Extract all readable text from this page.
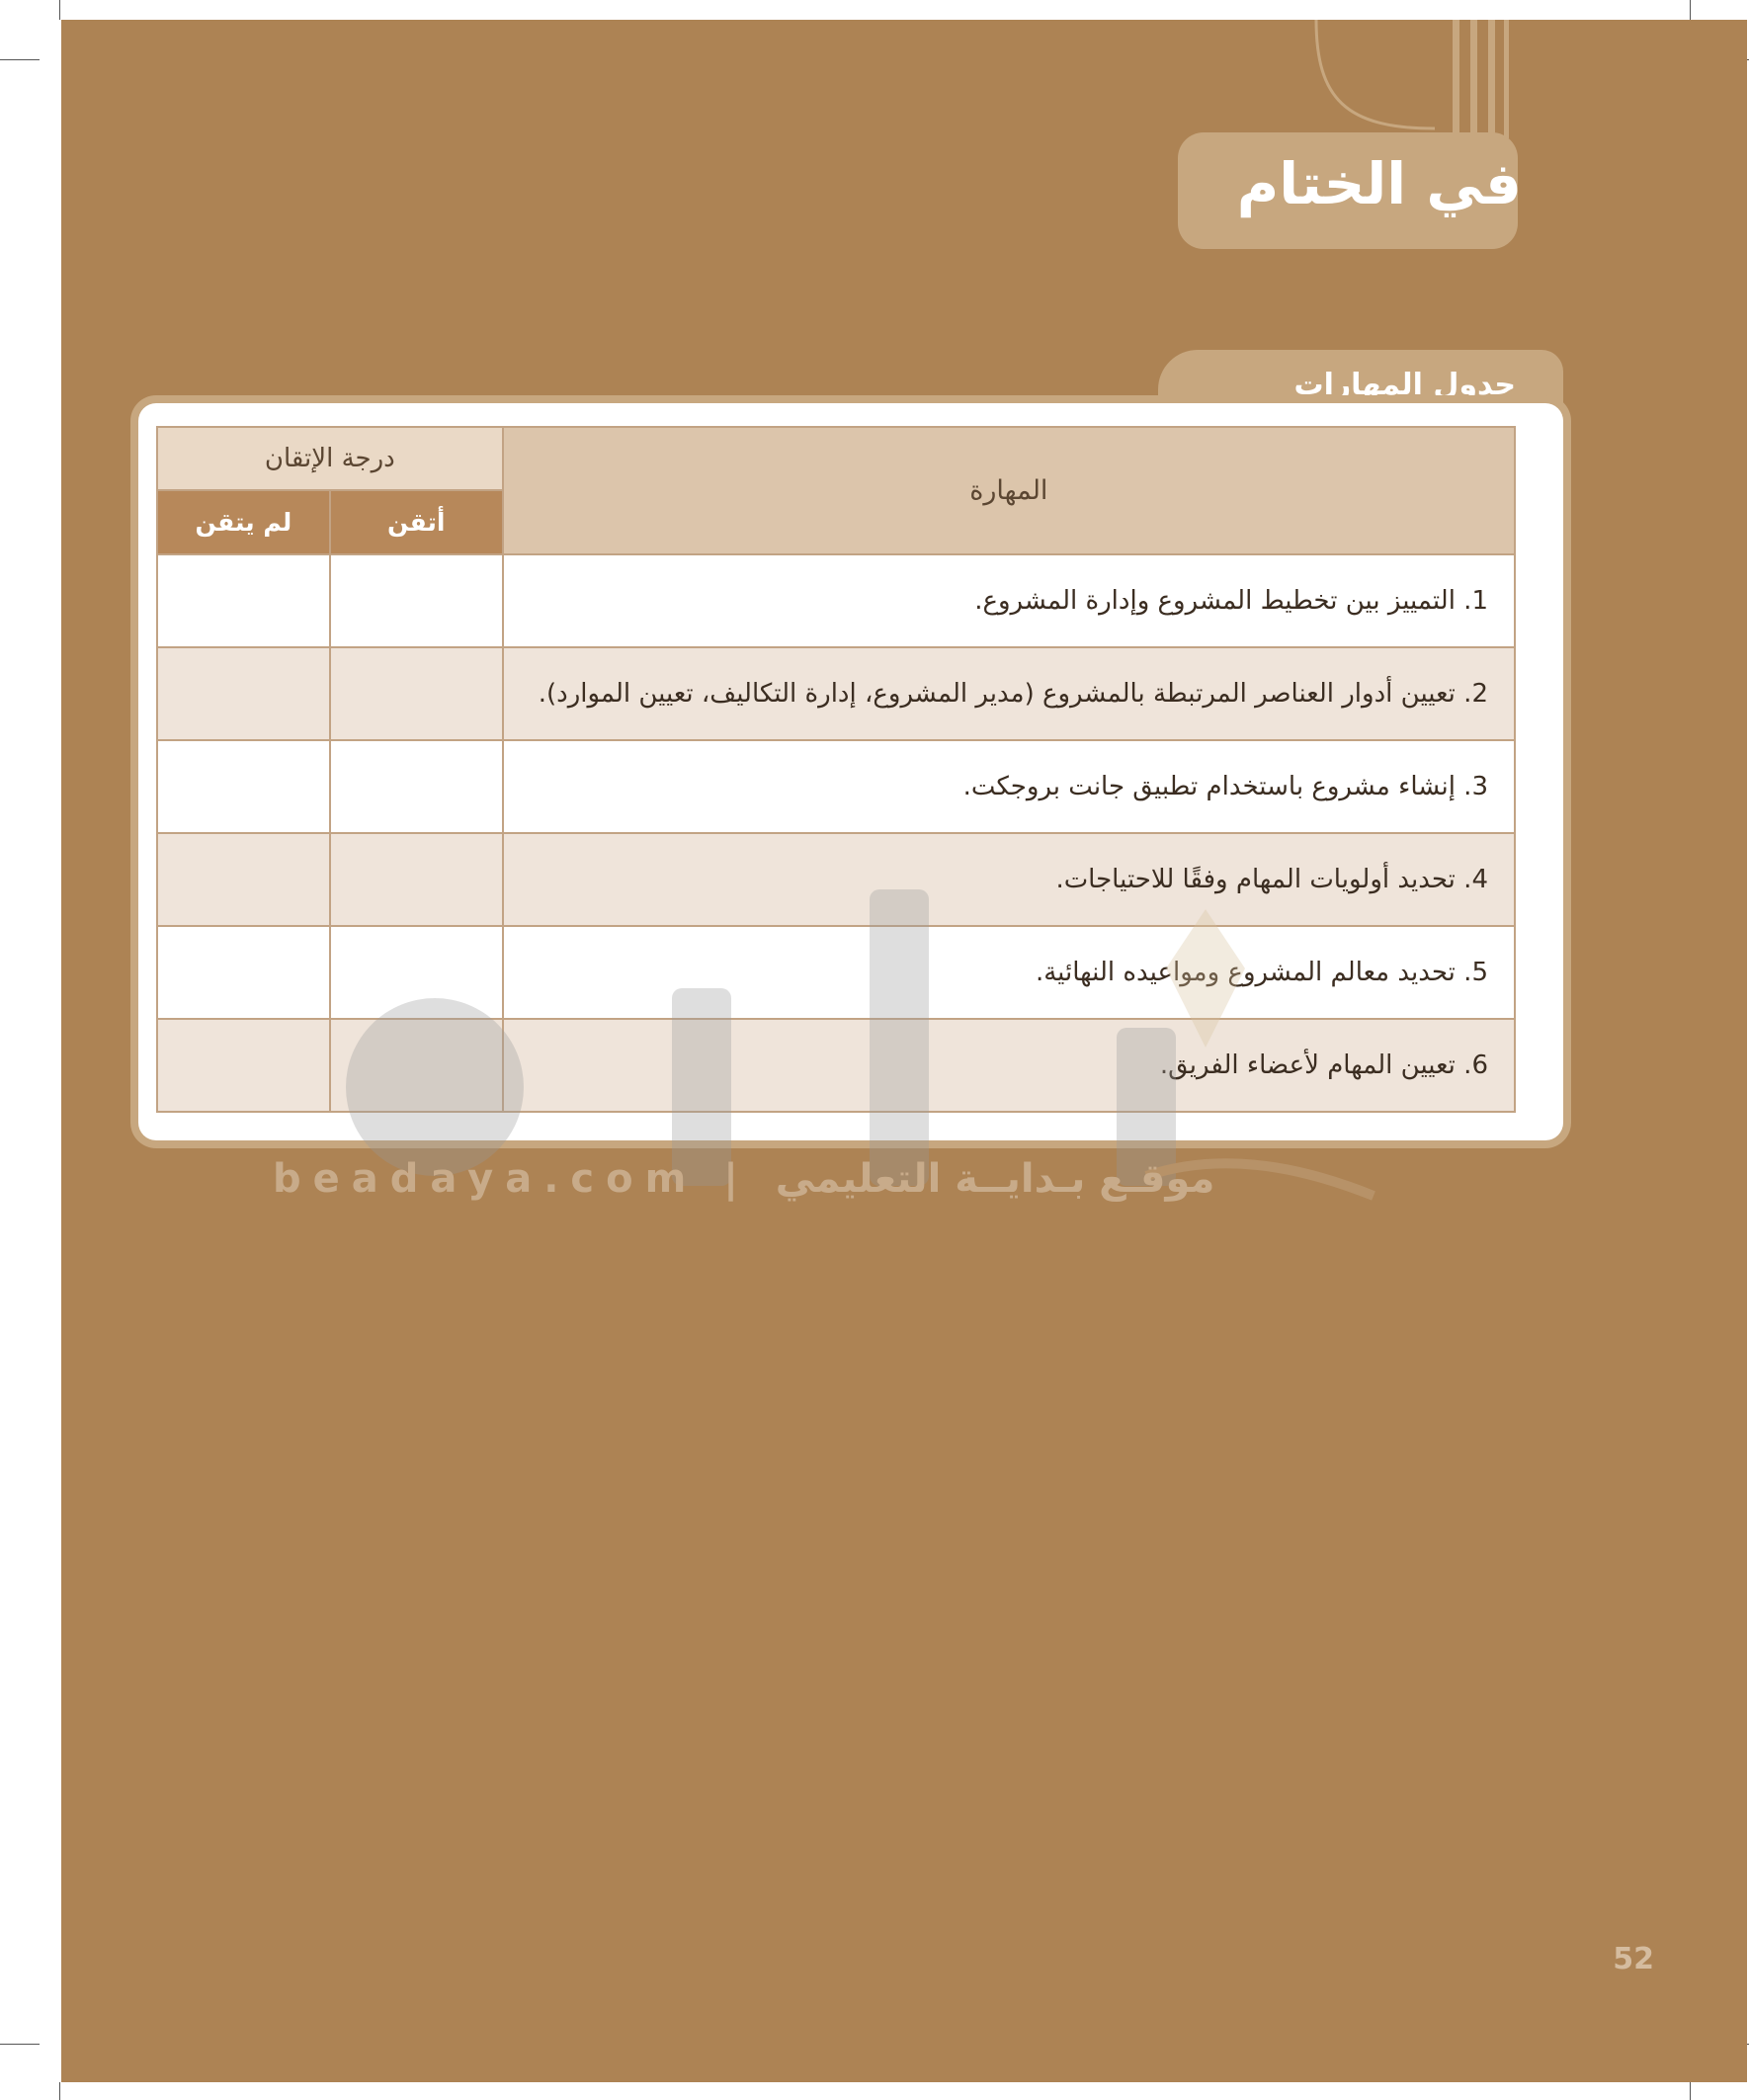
في الختام
جدول المهارات
المهارة	درجة الإتقان	
	أتقن	لم يتقن
1. التمييز بين تخطيط المشروع وإدارة المشروع.		
2. تعيين أدوار العناصر المرتبطة بالمشروع (مدير المشروع، إدارة التكاليف، تعيين الموارد).		
3. إنشاء مشروع باستخدام تطبيق جانت بروجكت.		
4. تحديد أولويات المهام وفقًا للاحتياجات.		
5. تحديد معالم المشروع ومواعيده النهائية.		
6. تعيين المهام لأعضاء الفريق.		
beadaya.com | موقـع بـدايــة التعليمي
52
